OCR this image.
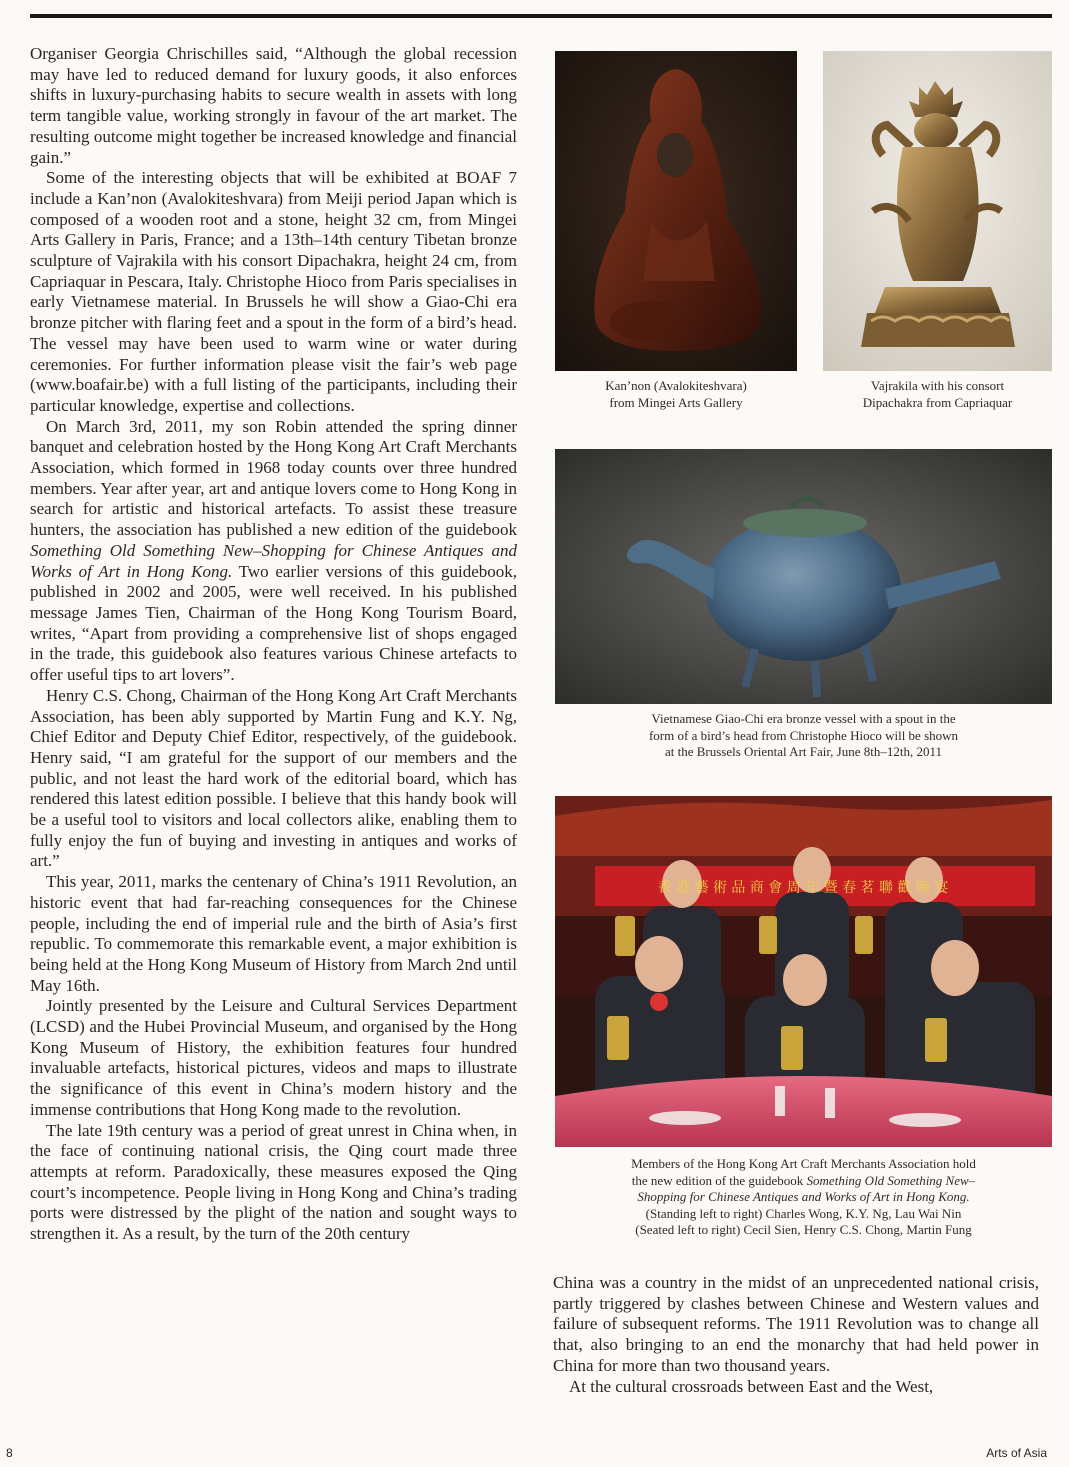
Organiser Georgia Chrischilles said, “Although the global recession may have led to reduced demand for luxury goods, it also enforces shifts in luxury-purchasing habits to secure wealth in assets with long term tangible value, working strongly in favour of the art market. The resulting outcome might together be increased knowledge and financial gain.”

Some of the interesting objects that will be exhibited at BOAF 7 include a Kan’non (Avalokiteshvara) from Meiji period Japan which is composed of a wooden root and a stone, height 32 cm, from Mingei Arts Gallery in Paris, France; and a 13th–14th century Tibetan bronze sculpture of Vajrakila with his consort Dipachakra, height 24 cm, from Capriaquar in Pescara, Italy. Christophe Hioco from Paris specialises in early Vietnamese material. In Brussels he will show a Giao-Chi era bronze pitcher with flaring feet and a spout in the form of a bird’s head. The vessel may have been used to warm wine or water during ceremonies. For further information please visit the fair’s web page (www.boafair.be) with a full listing of the participants, including their particular knowledge, expertise and collections.

On March 3rd, 2011, my son Robin attended the spring dinner banquet and celebration hosted by the Hong Kong Art Craft Merchants Association, which formed in 1968 today counts over three hundred members. Year after year, art and antique lovers come to Hong Kong in search for artistic and historical artefacts. To assist these treasure hunters, the association has published a new edition of the guidebook Something Old Something New–Shopping for Chinese Antiques and Works of Art in Hong Kong. Two earlier versions of this guidebook, published in 2002 and 2005, were well received. In his published message James Tien, Chairman of the Hong Kong Tourism Board, writes, “Apart from providing a comprehensive list of shops engaged in the trade, this guidebook also features various Chinese artefacts to offer useful tips to art lovers”.

Henry C.S. Chong, Chairman of the Hong Kong Art Craft Merchants Association, has been ably supported by Martin Fung and K.Y. Ng, Chief Editor and Deputy Chief Editor, respectively, of the guidebook. Henry said, “I am grateful for the support of our members and the public, and not least the hard work of the editorial board, which has rendered this latest edition possible. I believe that this handy book will be a useful tool to visitors and local collectors alike, enabling them to fully enjoy the fun of buying and investing in antiques and works of art.”

This year, 2011, marks the centenary of China’s 1911 Revolution, an historic event that had far-reaching consequences for the Chinese people, including the end of imperial rule and the birth of Asia’s first republic. To commemorate this remarkable event, a major exhibition is being held at the Hong Kong Museum of History from March 2nd until May 16th.

Jointly presented by the Leisure and Cultural Services Department (LCSD) and the Hubei Provincial Museum, and organised by the Hong Kong Museum of History, the exhibition features four hundred invaluable artefacts, historical pictures, videos and maps to illustrate the significance of this event in China’s modern history and the immense contributions that Hong Kong made to the revolution.

The late 19th century was a period of great unrest in China when, in the face of continuing national crisis, the Qing court made three attempts at reform. Paradoxically, these measures exposed the Qing court’s incompetence. People living in Hong Kong and China’s trading ports were distressed by the plight of the nation and sought ways to strengthen it. As a result, by the turn of the 20th century

Kan’non (Avalokiteshvara)
from Mingei Arts Gallery
Vajrakila with his consort
Dipachakra from Capriaquar
Vietnamese Giao-Chi era bronze vessel with a spout in the
form of a bird’s head from Christophe Hioco will be shown
at the Brussels Oriental Art Fair, June 8th–12th, 2011
香 港 藝 術 品 商 會 周 年 暨 春 茗 聯 歡 晚 宴
Members of the Hong Kong Art Craft Merchants Association hold
the new edition of the guidebook Something Old Something New–
Shopping for Chinese Antiques and Works of Art in Hong Kong.
(Standing left to right) Charles Wong, K.Y. Ng, Lau Wai Nin
(Seated left to right) Cecil Sien, Henry C.S. Chong, Martin Fung

China was a country in the midst of an unprecedented national crisis, partly triggered by clashes between Chinese and Western values and failure of subsequent reforms. The 1911 Revolution was to change all that, also bringing to an end the monarchy that had held power in China for more than two thousand years.

At the cultural crossroads between East and the West,

8	Arts of Asia
